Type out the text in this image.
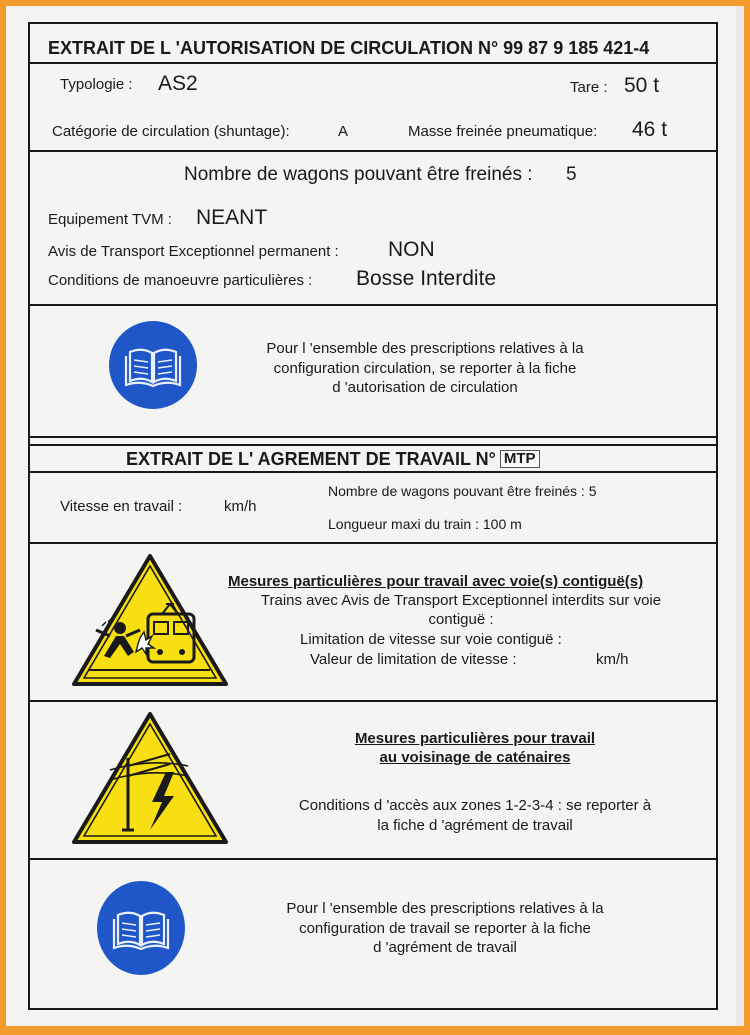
EXTRAIT DE L 'AUTORISATION DE CIRCULATION N° 99 87 9 185 421-4
Typologie : AS2	Tare : 50 t
Catégorie de circulation (shuntage):	A	Masse freinée pneumatique: 46 t
Nombre de wagons pouvant être freinés : 5
Equipement TVM : NEANT
Avis de Transport Exceptionnel permanent : NON
Conditions de manoeuvre particulières : Bosse Interdite
Pour l 'ensemble des prescriptions relatives à la
configuration circulation, se reporter à la fiche
d 'autorisation de circulation
EXTRAIT DE L' AGREMENT DE TRAVAIL N° MTP
Nombre de wagons pouvant être freinés : 5
Vitesse en travail :	km/h
Longueur maxi du train : 100 m
Mesures particulières pour travail avec voie(s) contiguë(s)
Trains avec Avis de Transport Exceptionnel interdits sur voie
contiguë :
Limitation de vitesse sur voie contiguë :
Valeur de limitation de vitesse :	km/h
Mesures particulières pour travail
au voisinage de caténaires
Conditions d 'accès aux zones 1-2-3-4 : se reporter à
la fiche d 'agrément de travail
Pour l 'ensemble des prescriptions relatives à la
configuration de travail se reporter à la fiche
d 'agrément de travail
